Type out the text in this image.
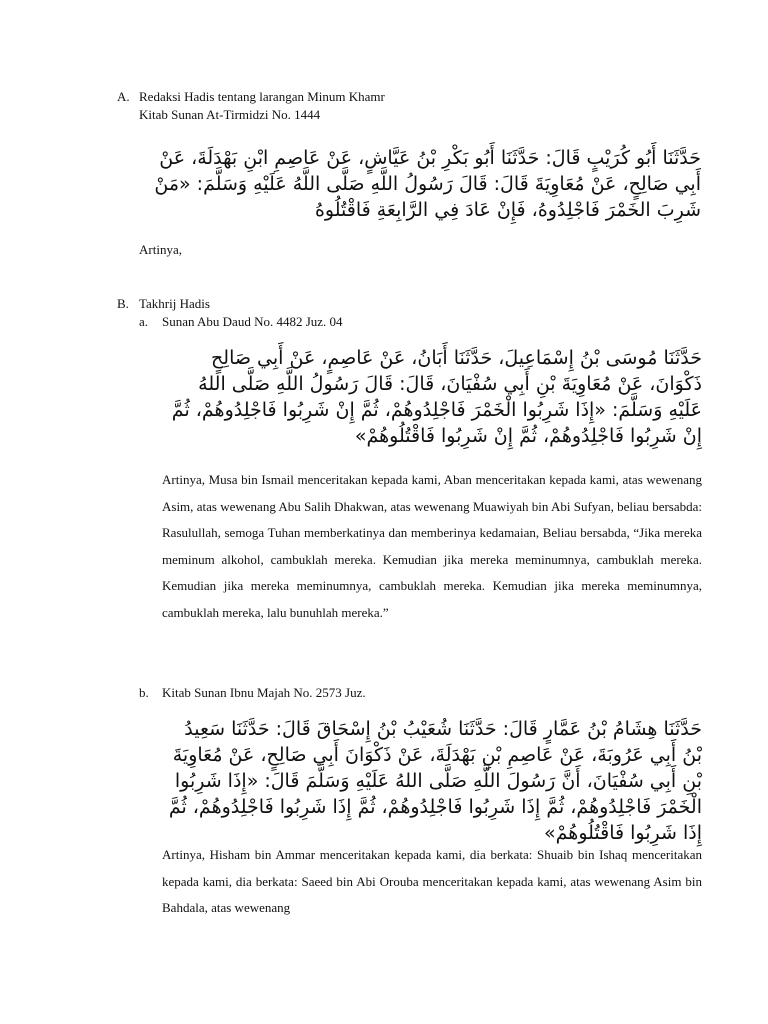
A. Redaksi Hadis tentang larangan Minum Khamr
Kitab Sunan At-Tirmidzi No. 1444
حَدَّثَنَا أَبُو كُرَيْبٍ قَالَ: حَدَّثَنَا أَبُو بَكْرِ بْنُ عَيَّاشٍ، عَنْ عَاصِمِ ابْنِ بَهْدَلَةَ، عَنْ أَبِي صَالِحٍ، عَنْ مُعَاوِيَةَ قَالَ: قَالَ رَسُولُ اللَّهِ صَلَّى اللَّهُ عَلَيْهِ وَسَلَّمَ: «مَنْ شَرِبَ الخَمْرَ فَاجْلِدُوهُ، فَإِنْ عَادَ فِي الرَّابِعَةِ فَاقْتُلُوهُ
Artinya,
B. Takhrij Hadis
a. Sunan Abu Daud No. 4482 Juz. 04
حَدَّثَنَا مُوسَى بْنُ إِسْمَاعِيلَ، حَدَّثَنَا أَبَانُ، عَنْ عَاصِمٍ، عَنْ أَبِي صَالِحٍ ذَكْوَانَ، عَنْ مُعَاوِيَةَ بْنِ أَبِي سُفْيَانَ، قَالَ: قَالَ رَسُولُ اللَّهِ صَلَّى اللهُ عَلَيْهِ وَسَلَّمَ: «إِذَا شَرِبُوا الْخَمْرَ فَاجْلِدُوهُمْ، ثُمَّ إِنْ شَرِبُوا فَاجْلِدُوهُمْ، ثُمَّ إِنْ شَرِبُوا فَاجْلِدُوهُمْ، ثُمَّ إِنْ شَرِبُوا فَاقْتُلُوهُمْ»
Artinya, Musa bin Ismail menceritakan kepada kami, Aban menceritakan kepada kami, atas wewenang Asim, atas wewenang Abu Salih Dhakwan, atas wewenang Muawiyah bin Abi Sufyan, beliau bersabda: Rasulullah, semoga Tuhan memberkatinya dan memberinya kedamaian, Beliau bersabda, “Jika mereka meminum alkohol, cambuklah mereka. Kemudian jika mereka meminumnya, cambuklah mereka. Kemudian jika mereka meminumnya, cambuklah mereka. Kemudian jika mereka meminumnya, cambuklah mereka, lalu bunuhlah mereka.”
b. Kitab Sunan Ibnu Majah No. 2573 Juz.
حَدَّثَنَا هِشَامُ بْنُ عَمَّارٍ قَالَ: حَدَّثَنَا شُعَيْبُ بْنُ إِسْحَاقَ قَالَ: حَدَّثَنَا سَعِيدُ بْنُ أَبِي عَرُوبَةَ، عَنْ عَاصِمِ بْنِ بَهْدَلَةَ، عَنْ ذَكْوَانَ أَبِي صَالِحٍ، عَنْ مُعَاوِيَةَ بْنِ أَبِي سُفْيَانَ، أَنَّ رَسُولَ اللَّهِ صَلَّى اللهُ عَلَيْهِ وَسَلَّمَ قَالَ: «إِذَا شَرِبُوا الْخَمْرَ فَاجْلِدُوهُمْ، ثُمَّ إِذَا شَرِبُوا فَاجْلِدُوهُمْ، ثُمَّ إِذَا شَرِبُوا فَاجْلِدُوهُمْ، ثُمَّ إِذَا شَرِبُوا فَاقْتُلُوهُمْ»
Artinya, Hisham bin Ammar menceritakan kepada kami, dia berkata: Shuaib bin Ishaq menceritakan kepada kami, dia berkata: Saeed bin Abi Orouba menceritakan kepada kami, atas wewenang Asim bin Bahdala, atas wewenang
